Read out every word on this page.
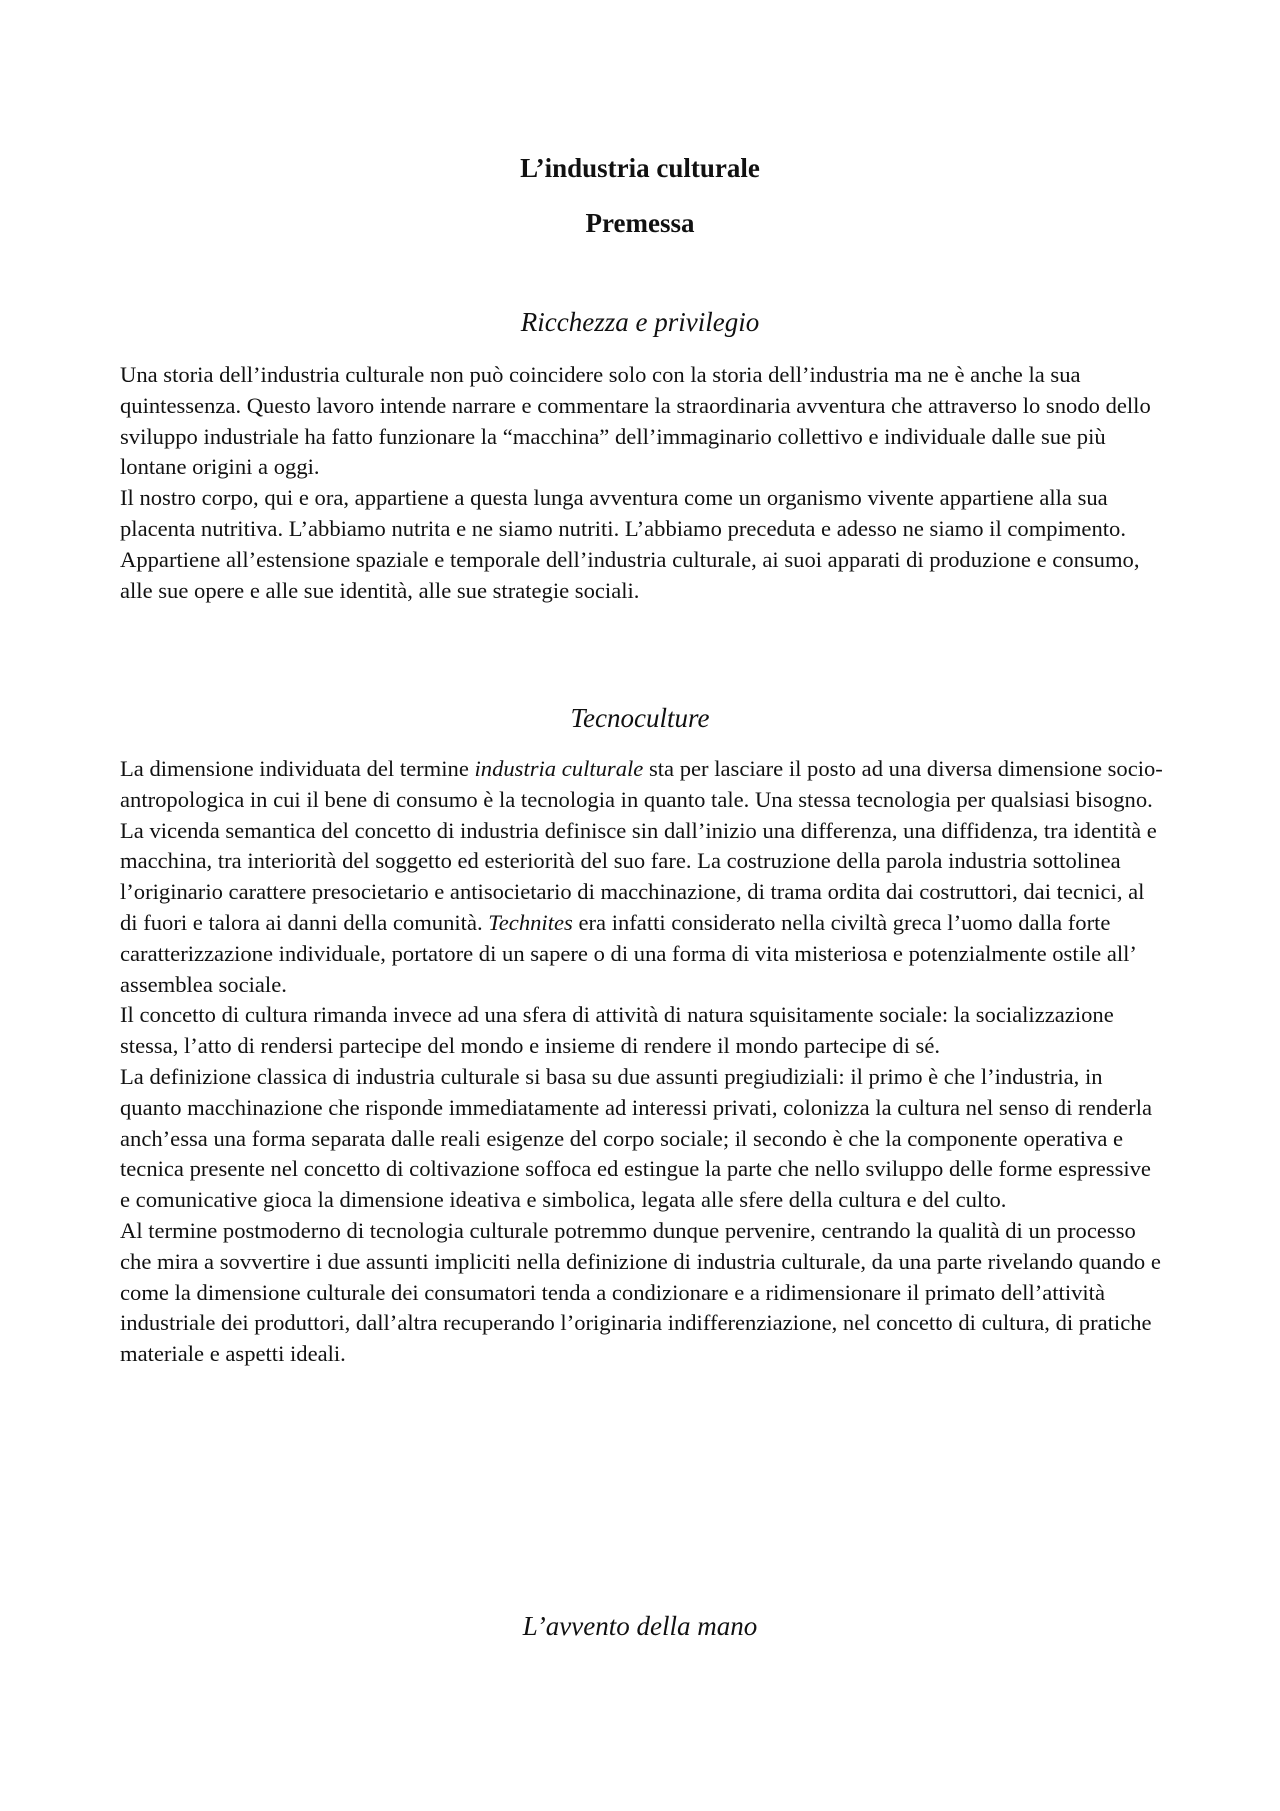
L’industria culturale
Premessa
Ricchezza e privilegio

Una storia dell’industria culturale non può coincidere solo con la storia dell’industria ma ne è anche la sua quintessenza. Questo lavoro intende narrare e commentare la straordinaria avventura che attraverso lo snodo dello sviluppo industriale ha fatto funzionare la “macchina” dell’immaginario collettivo e individuale dalle sue più lontane origini a oggi.

Il nostro corpo, qui e ora, appartiene a questa lunga avventura come un organismo vivente appartiene alla sua placenta nutritiva. L’abbiamo nutrita e ne siamo nutriti. L’abbiamo preceduta e adesso ne siamo il compimento. Appartiene all’estensione spaziale e temporale dell’industria culturale, ai suoi apparati di produzione e consumo, alle sue opere e alle sue identità, alle sue strategie sociali.

Tecnoculture

La dimensione individuata del termine industria culturale sta per lasciare il posto ad una diversa dimensione socio-antropologica in cui il bene di consumo è la tecnologia in quanto tale. Una stessa tecnologia per qualsiasi bisogno.

La vicenda semantica del concetto di industria definisce sin dall’inizio una differenza, una diffidenza, tra identità e macchina, tra interiorità del soggetto ed esteriorità del suo fare. La costruzione della parola industria sottolinea l’originario carattere presocietario e antisocietario di macchinazione, di trama ordita dai costruttori, dai tecnici, al di fuori e talora ai danni della comunità. Technites era infatti considerato nella civiltà greca l’uomo dalla forte caratterizzazione individuale, portatore di un sapere o di una forma di vita misteriosa e potenzialmente ostile all’ assemblea sociale.

Il concetto di cultura rimanda invece ad una sfera di attività di natura squisitamente sociale: la socializzazione stessa, l’atto di rendersi partecipe del mondo e insieme di rendere il mondo partecipe di sé.

La definizione classica di industria culturale si basa su due assunti pregiudiziali: il primo è che l’industria, in quanto macchinazione che risponde immediatamente ad interessi privati, colonizza la cultura nel senso di renderla anch’essa una forma separata dalle reali esigenze del corpo sociale; il secondo è che la componente operativa e tecnica presente nel concetto di coltivazione soffoca ed estingue la parte che nello sviluppo delle forme espressive e comunicative gioca la dimensione ideativa e simbolica, legata alle sfere della cultura e del culto.

Al termine postmoderno di tecnologia culturale potremmo dunque pervenire, centrando la qualità di un processo che mira a sovvertire i due assunti impliciti nella definizione di industria culturale, da una parte rivelando quando e come la dimensione culturale dei consumatori tenda a condizionare e a ridimensionare il primato dell’attività industriale dei produttori, dall’altra recuperando l’originaria indifferenziazione, nel concetto di cultura, di pratiche materiale e aspetti ideali.

L’avvento della mano
